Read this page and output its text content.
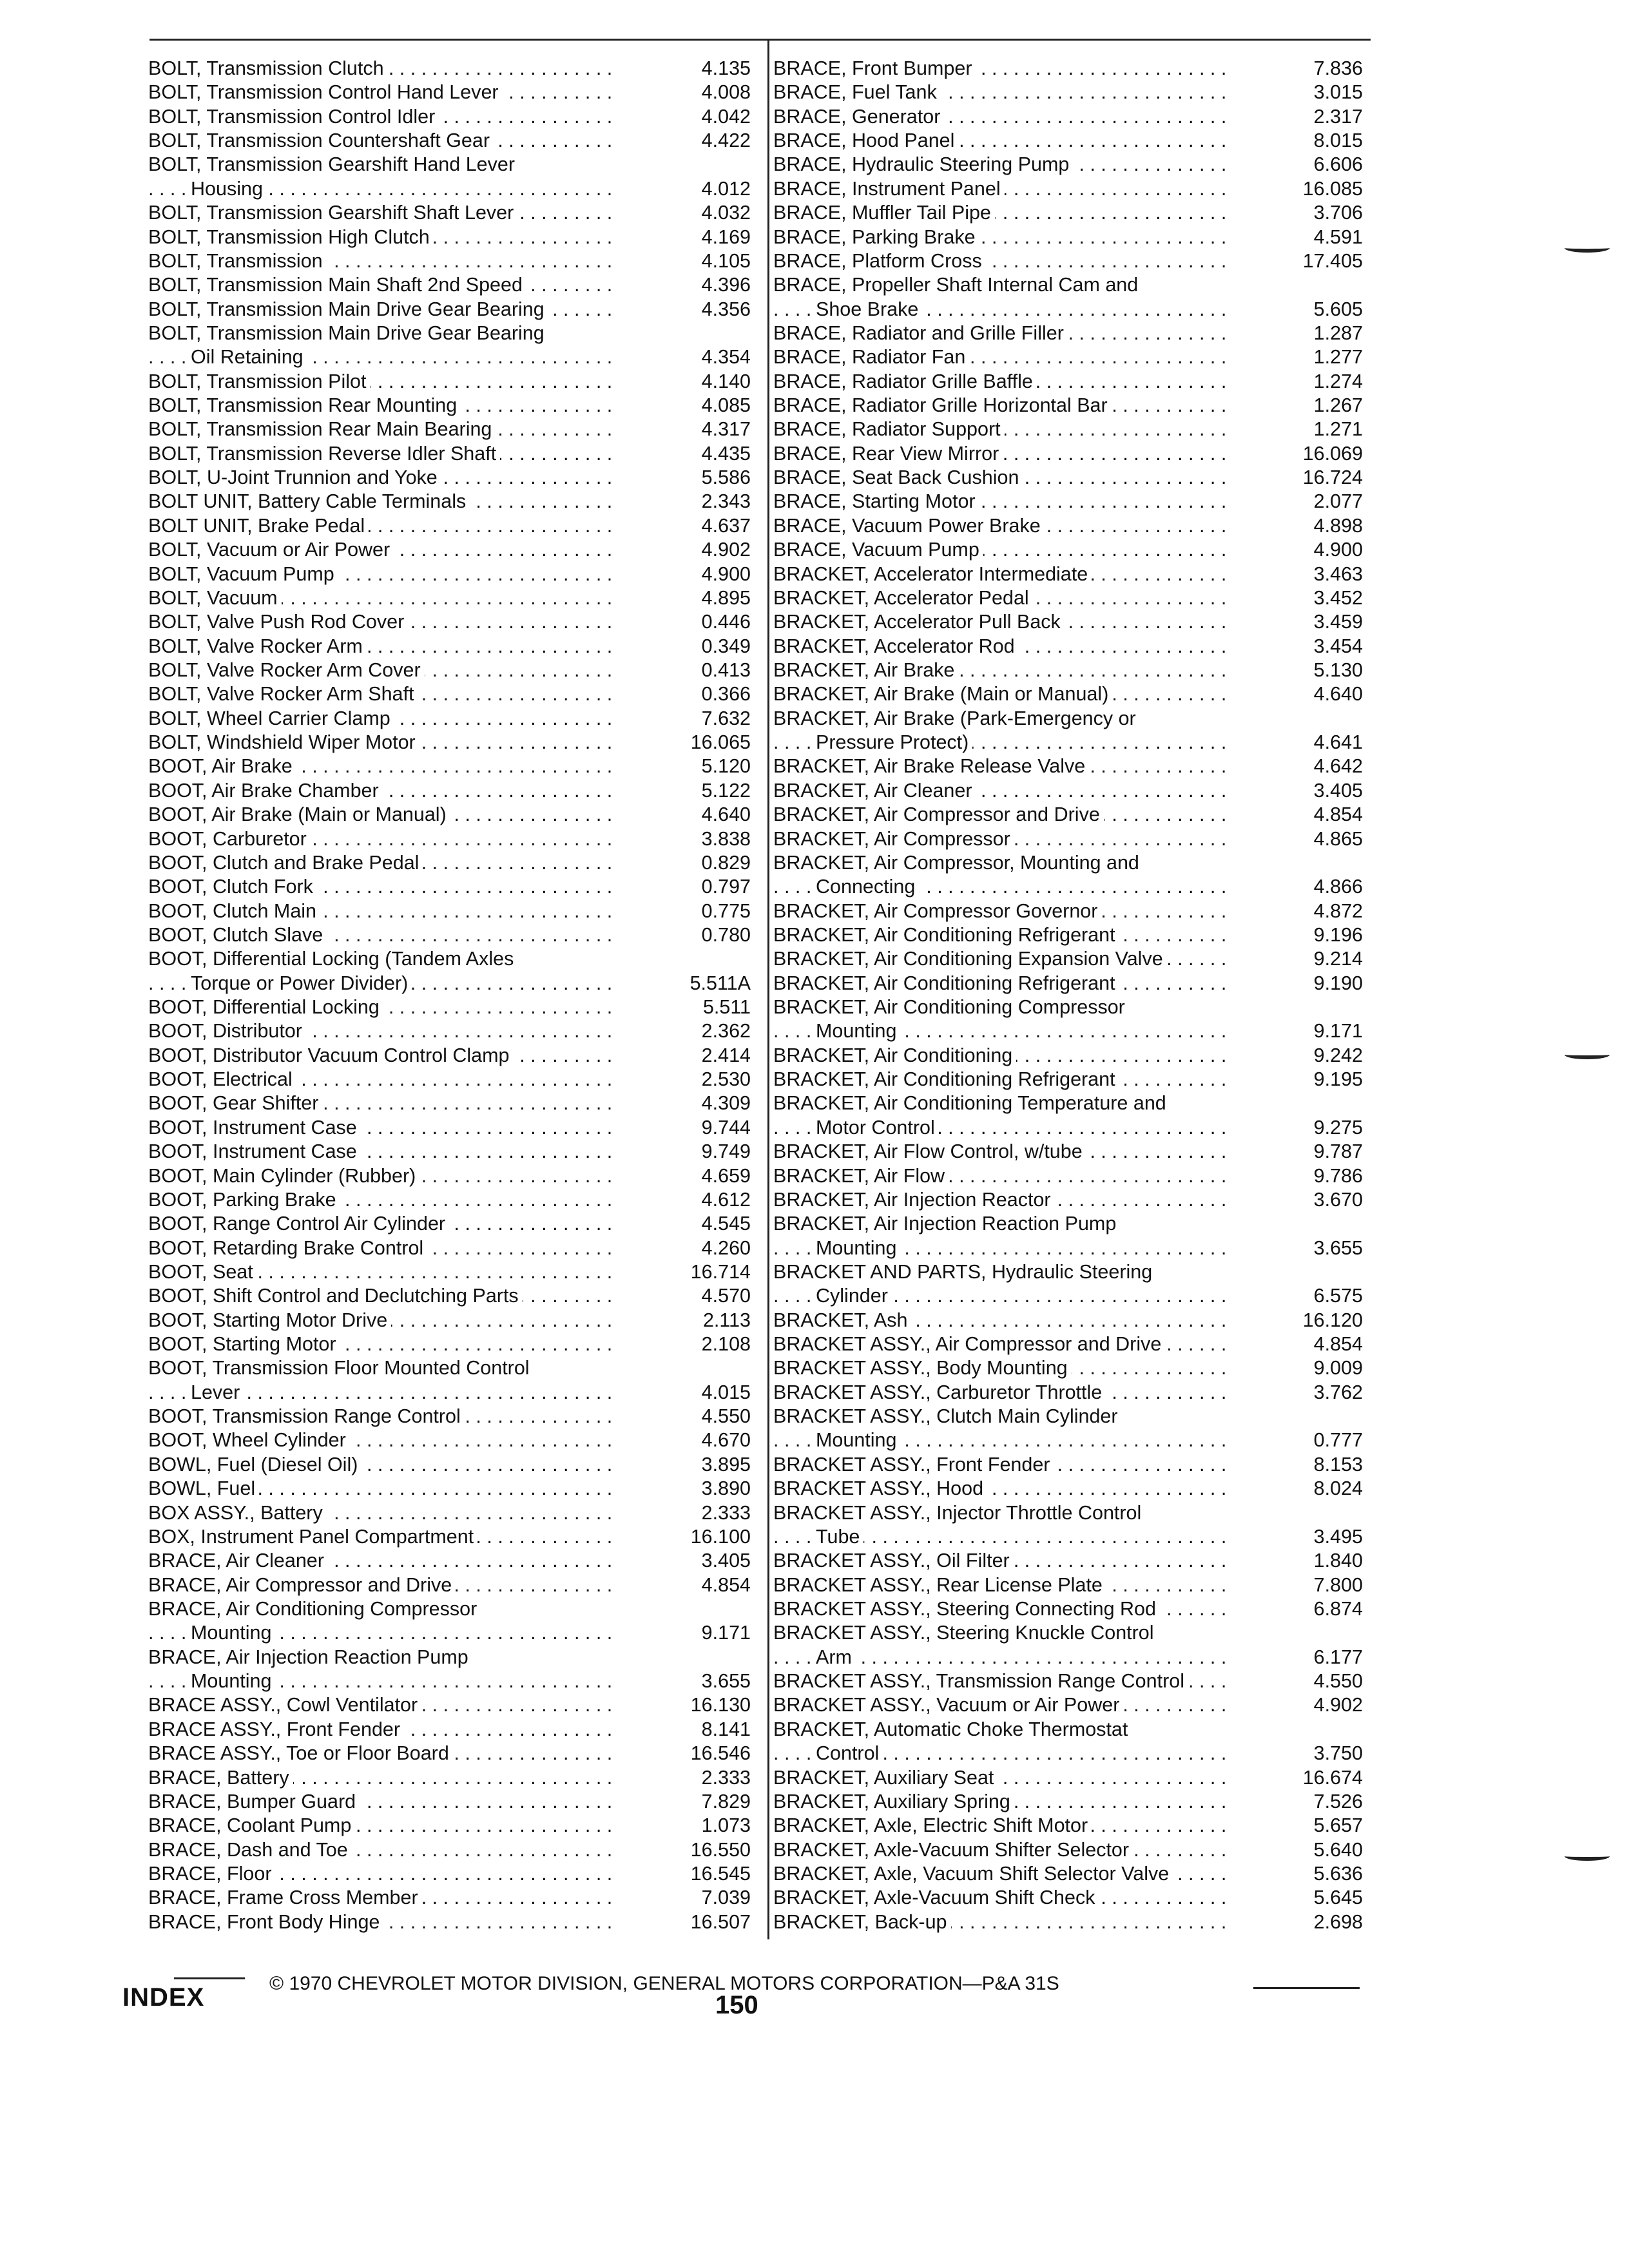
BOLT, Transmission Clutch . . .	4.135
BOLT, Transmission Control Hand Lever . . .	4.008
BOLT, Transmission Control Idler . . .	4.042
BOLT, Transmission Countershaft Gear . . .	4.422
BOLT, Transmission Gearshift Hand Lever
Housing . . .	4.012
BOLT, Transmission Gearshift Shaft Lever . . .	4.032
BOLT, Transmission High Clutch . . .	4.169
BOLT, Transmission . . .	4.105
BOLT, Transmission Main Shaft 2nd Speed . . .	4.396
BOLT, Transmission Main Drive Gear Bearing . . .	4.356
BOLT, Transmission Main Drive Gear Bearing
Oil Retaining . . .	4.354
BOLT, Transmission Pilot . . .	4.140
BOLT, Transmission Rear Mounting . . .	4.085
BOLT, Transmission Rear Main Bearing . . .	4.317
BOLT, Transmission Reverse Idler Shaft . . .	4.435
BOLT, U-Joint Trunnion and Yoke . . .	5.586
BOLT UNIT, Battery Cable Terminals . . .	2.343
BOLT UNIT, Brake Pedal . . .	4.637
BOLT, Vacuum or Air Power . . .	4.902
BOLT, Vacuum Pump . . .	4.900
BOLT, Vacuum . . .	4.895
BOLT, Valve Push Rod Cover . . .	0.446
BOLT, Valve Rocker Arm . . .	0.349
BOLT, Valve Rocker Arm Cover . . .	0.413
BOLT, Valve Rocker Arm Shaft . . .	0.366
BOLT, Wheel Carrier Clamp . . .	7.632
BOLT, Windshield Wiper Motor . . .	16.065
BOOT, Air Brake . . .	5.120
BOOT, Air Brake Chamber . . .	5.122
BOOT, Air Brake (Main or Manual) . . .	4.640
BOOT, Carburetor . . .	3.838
BOOT, Clutch and Brake Pedal . . .	0.829
BOOT, Clutch Fork . . .	0.797
BOOT, Clutch Main . . .	0.775
BOOT, Clutch Slave . . .	0.780
BOOT, Differential Locking (Tandem Axles
Torque or Power Divider) . . .	5.511A
BOOT, Differential Locking . . .	5.511
BOOT, Distributor . . .	2.362
BOOT, Distributor Vacuum Control Clamp . . .	2.414
BOOT, Electrical . . .	2.530
BOOT, Gear Shifter . . .	4.309
BOOT, Instrument Case . . .	9.744
BOOT, Instrument Case . . .	9.749
BOOT, Main Cylinder (Rubber) . . .	4.659
BOOT, Parking Brake . . .	4.612
BOOT, Range Control Air Cylinder . . .	4.545
BOOT, Retarding Brake Control . . .	4.260
BOOT, Seat . . .	16.714
BOOT, Shift Control and Declutching Parts . . .	4.570
BOOT, Starting Motor Drive . . .	2.113
BOOT, Starting Motor . . .	2.108
BOOT, Transmission Floor Mounted Control
Lever . . .	4.015
BOOT, Transmission Range Control . . .	4.550
BOOT, Wheel Cylinder . . .	4.670
BOWL, Fuel (Diesel Oil) . . .	3.895
BOWL, Fuel . . .	3.890
BOX ASSY., Battery . . .	2.333
BOX, Instrument Panel Compartment . . .	16.100
BRACE, Air Cleaner . . .	3.405
BRACE, Air Compressor and Drive . . .	4.854
BRACE, Air Conditioning Compressor
Mounting . . .	9.171
BRACE, Air Injection Reaction Pump
Mounting . . .	3.655
BRACE ASSY., Cowl Ventilator . . .	16.130
BRACE ASSY., Front Fender . . .	8.141
BRACE ASSY., Toe or Floor Board . . .	16.546
BRACE, Battery . . .	2.333
BRACE, Bumper Guard . . .	7.829
BRACE, Coolant Pump . . .	1.073
BRACE, Dash and Toe . . .	16.550
BRACE, Floor . . .	16.545
BRACE, Frame Cross Member . . .	7.039
BRACE, Front Body Hinge . . .	16.507
BRACE, Front Bumper . . .	7.836
BRACE, Fuel Tank . . .	3.015
BRACE, Generator . . .	2.317
BRACE, Hood Panel . . .	8.015
BRACE, Hydraulic Steering Pump . . .	6.606
BRACE, Instrument Panel . . .	16.085
BRACE, Muffler Tail Pipe . . .	3.706
BRACE, Parking Brake . . .	4.591
BRACE, Platform Cross . . .	17.405
BRACE, Propeller Shaft Internal Cam and
Shoe Brake . . .	5.605
BRACE, Radiator and Grille Filler . . .	1.287
BRACE, Radiator Fan . . .	1.277
BRACE, Radiator Grille Baffle . . .	1.274
BRACE, Radiator Grille Horizontal Bar . . .	1.267
BRACE, Radiator Support . . .	1.271
BRACE, Rear View Mirror . . .	16.069
BRACE, Seat Back Cushion . . .	16.724
BRACE, Starting Motor . . .	2.077
BRACE, Vacuum Power Brake . . .	4.898
BRACE, Vacuum Pump . . .	4.900
BRACKET, Accelerator Intermediate . . .	3.463
BRACKET, Accelerator Pedal . . .	3.452
BRACKET, Accelerator Pull Back . . .	3.459
BRACKET, Accelerator Rod . . .	3.454
BRACKET, Air Brake . . .	5.130
BRACKET, Air Brake (Main or Manual) . . .	4.640
BRACKET, Air Brake (Park-Emergency or
Pressure Protect) . . .	4.641
BRACKET, Air Brake Release Valve . . .	4.642
BRACKET, Air Cleaner . . .	3.405
BRACKET, Air Compressor and Drive . . .	4.854
BRACKET, Air Compressor . . .	4.865
BRACKET, Air Compressor, Mounting and
Connecting . . .	4.866
BRACKET, Air Compressor Governor . . .	4.872
BRACKET, Air Conditioning Refrigerant . . .	9.196
BRACKET, Air Conditioning Expansion Valve . . .	9.214
BRACKET, Air Conditioning Refrigerant . . .	9.190
BRACKET, Air Conditioning Compressor
Mounting . . .	9.171
BRACKET, Air Conditioning . . .	9.242
BRACKET, Air Conditioning Refrigerant . . .	9.195
BRACKET, Air Conditioning Temperature and
Motor Control . . .	9.275
BRACKET, Air Flow Control, w/tube . . .	9.787
BRACKET, Air Flow . . .	9.786
BRACKET, Air Injection Reactor . . .	3.670
BRACKET, Air Injection Reaction Pump
Mounting . . .	3.655
BRACKET AND PARTS, Hydraulic Steering
Cylinder . . .	6.575
BRACKET, Ash . . .	16.120
BRACKET ASSY., Air Compressor and Drive . . .	4.854
BRACKET ASSY., Body Mounting . . .	9.009
BRACKET ASSY., Carburetor Throttle . . .	3.762
BRACKET ASSY., Clutch Main Cylinder
Mounting . . .	0.777
BRACKET ASSY., Front Fender . . .	8.153
BRACKET ASSY., Hood . . .	8.024
BRACKET ASSY., Injector Throttle Control
Tube . . .	3.495
BRACKET ASSY., Oil Filter . . .	1.840
BRACKET ASSY., Rear License Plate . . .	7.800
BRACKET ASSY., Steering Connecting Rod . . .	6.874
BRACKET ASSY., Steering Knuckle Control
Arm . . .	6.177
BRACKET ASSY., Transmission Range Control . . .	4.550
BRACKET ASSY., Vacuum or Air Power . . .	4.902
BRACKET, Automatic Choke Thermostat
Control . . .	3.750
BRACKET, Auxiliary Seat . . .	16.674
BRACKET, Auxiliary Spring . . .	7.526
BRACKET, Axle, Electric Shift Motor . . .	5.657
BRACKET, Axle-Vacuum Shifter Selector . . .	5.640
BRACKET, Axle, Vacuum Shift Selector Valve . . .	5.636
BRACKET, Axle-Vacuum Shift Check . . .	5.645
BRACKET, Back-up . . .	2.698
INDEX	© 1970 CHEVROLET MOTOR DIVISION, GENERAL MOTORS CORPORATION—P&A 31S
150
